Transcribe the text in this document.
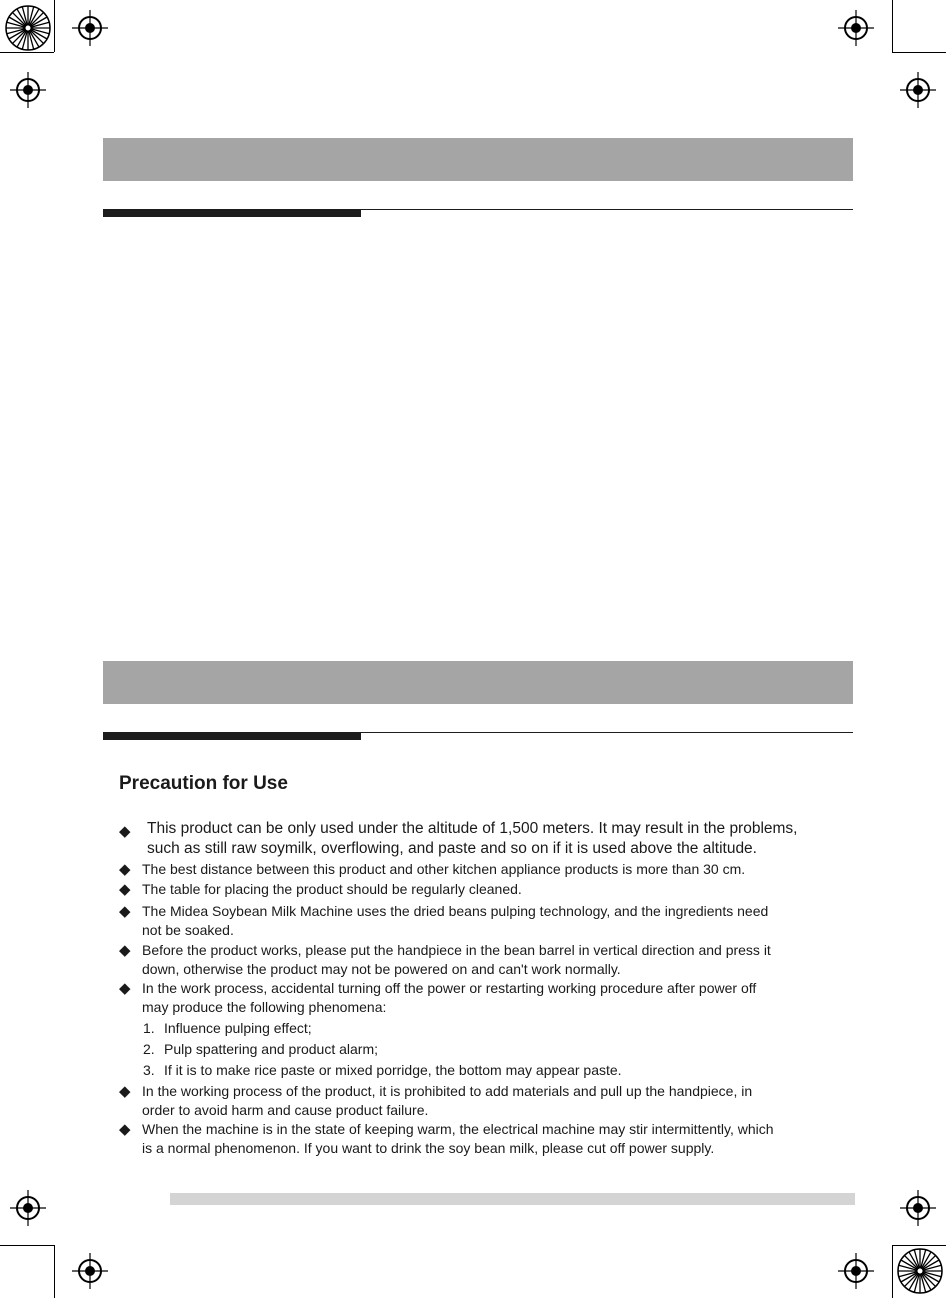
Precaution for Use
◆ This product can be only used under the altitude of 1,500 meters. It may result in the problems,
such as still raw soymilk, overflowing, and paste and so on if it is used above the altitude.
◆ The best distance between this product and other kitchen appliance products is more than 30 cm.
◆ The table for placing the product should be regularly cleaned.
◆ The Midea Soybean Milk Machine uses the dried beans pulping technology, and the ingredients need
not be soaked.
◆ Before the product works, please put the handpiece in the bean barrel in vertical direction and press it
down, otherwise the product may not be powered on and can't work normally.
◆ In the work process, accidental turning off the power or restarting working procedure after power off
may produce the following phenomena:
1. Influence pulping effect;
2. Pulp spattering and product alarm;
3. If it is to make rice paste or mixed porridge, the bottom may appear paste.
◆ In the working process of the product, it is prohibited to add materials and pull up the handpiece, in
order to avoid harm and cause product failure.
◆ When the machine is in the state of keeping warm, the electrical machine may stir intermittently, which
is a normal phenomenon. If you want to drink the soy bean milk, please cut off power supply.
